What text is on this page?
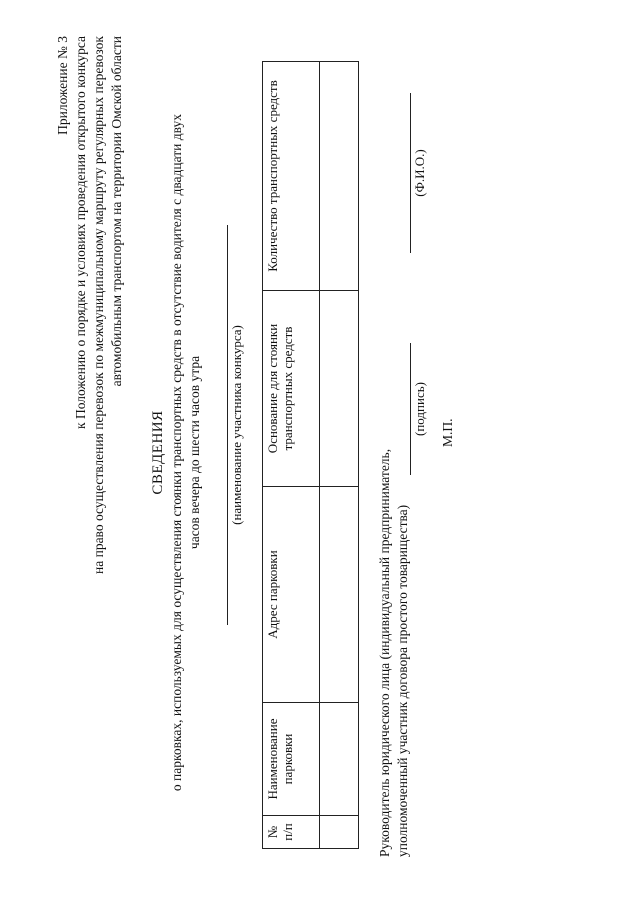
Приложение № 3 к Положению о порядке и условиях проведения открытого конкурса на право осуществления перевозок по межмуниципальному маршруту регулярных перевозок автомобильным транспортом на территории Омской области
СВЕДЕНИЯ о парковках, используемых для осуществления стоянки транспортных средств в отсутствие водителя с двадцати двух часов вечера до шести часов утра (наименование участника конкурса)
№ п/п	Наименование парковки	Адрес парковки	Основание для стоянки транспортных средств	Количество транспортных средств

Руководитель юридического лица (индивидуальный предприниматель, уполномоченный участник договора простого товарищества)
(подпись)
(Ф.И.О.)
М.П.
